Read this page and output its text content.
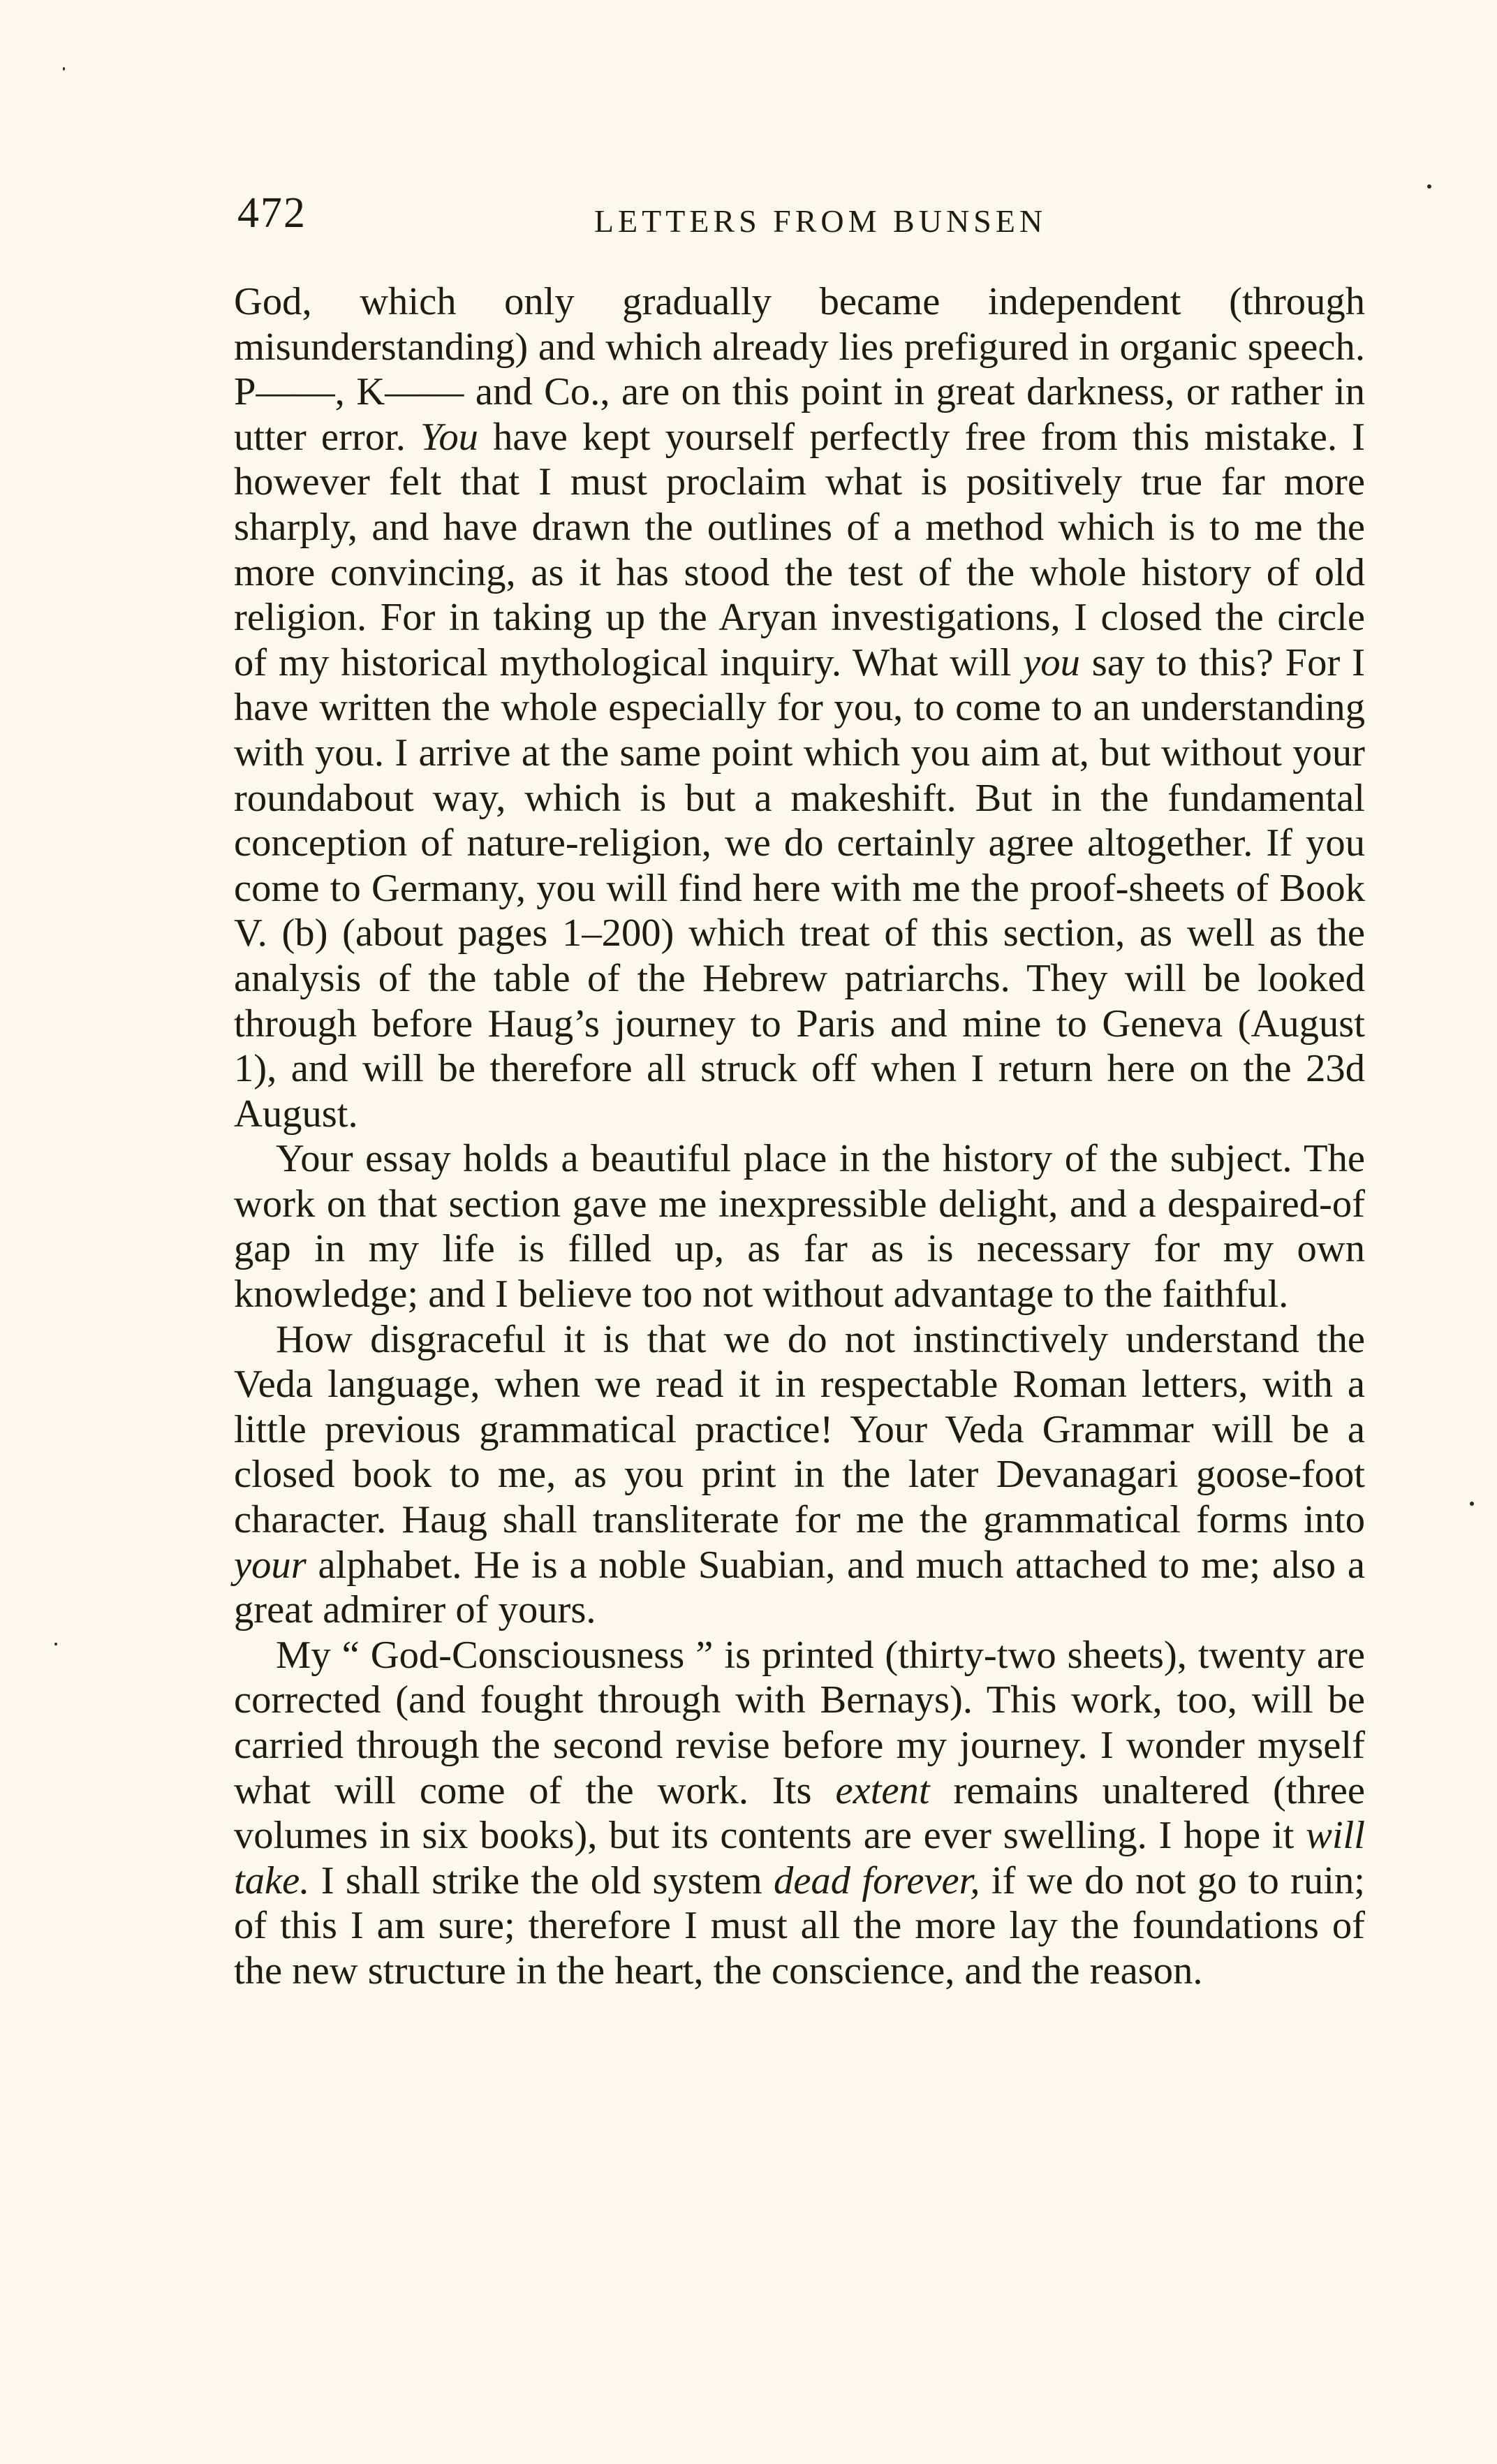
472	LETTERS FROM BUNSEN

God, which only gradually became independent (through misunderstanding) and which already lies prefigured in organic speech. P——, K—— and Co., are on this point in great darkness, or rather in utter error. You have kept yourself perfectly free from this mistake. I however felt that I must proclaim what is positively true far more sharply, and have drawn the outlines of a method which is to me the more convincing, as it has stood the test of the whole history of old religion. For in taking up the Aryan investigations, I closed the circle of my historical mythological inquiry. What will you say to this? For I have written the whole especially for you, to come to an understanding with you. I arrive at the same point which you aim at, but without your roundabout way, which is but a makeshift. But in the fundamental conception of nature-religion, we do certainly agree altogether. If you come to Germany, you will find here with me the proof-sheets of Book V. (b) (about pages 1–200) which treat of this section, as well as the analysis of the table of the Hebrew patriarchs. They will be looked through before Haug’s journey to Paris and mine to Geneva (August 1), and will be therefore all struck off when I return here on the 23d August.

Your essay holds a beautiful place in the history of the subject. The work on that section gave me inexpressible delight, and a despaired-of gap in my life is filled up, as far as is necessary for my own knowledge; and I believe too not without advantage to the faithful.

How disgraceful it is that we do not instinctively understand the Veda language, when we read it in respectable Roman letters, with a little previous grammatical practice! Your Veda Grammar will be a closed book to me, as you print in the later Devanagari goose-foot character. Haug shall transliterate for me the grammatical forms into your alphabet. He is a noble Suabian, and much attached to me; also a great admirer of yours.

My “ God-Consciousness ” is printed (thirty-two sheets), twenty are corrected (and fought through with Bernays). This work, too, will be carried through the second revise before my journey. I wonder myself what will come of the work. Its extent remains unaltered (three volumes in six books), but its contents are ever swelling. I hope it will take. I shall strike the old system dead forever, if we do not go to ruin; of this I am sure; therefore I must all the more lay the foundations of the new structure in the heart, the conscience, and the reason.
